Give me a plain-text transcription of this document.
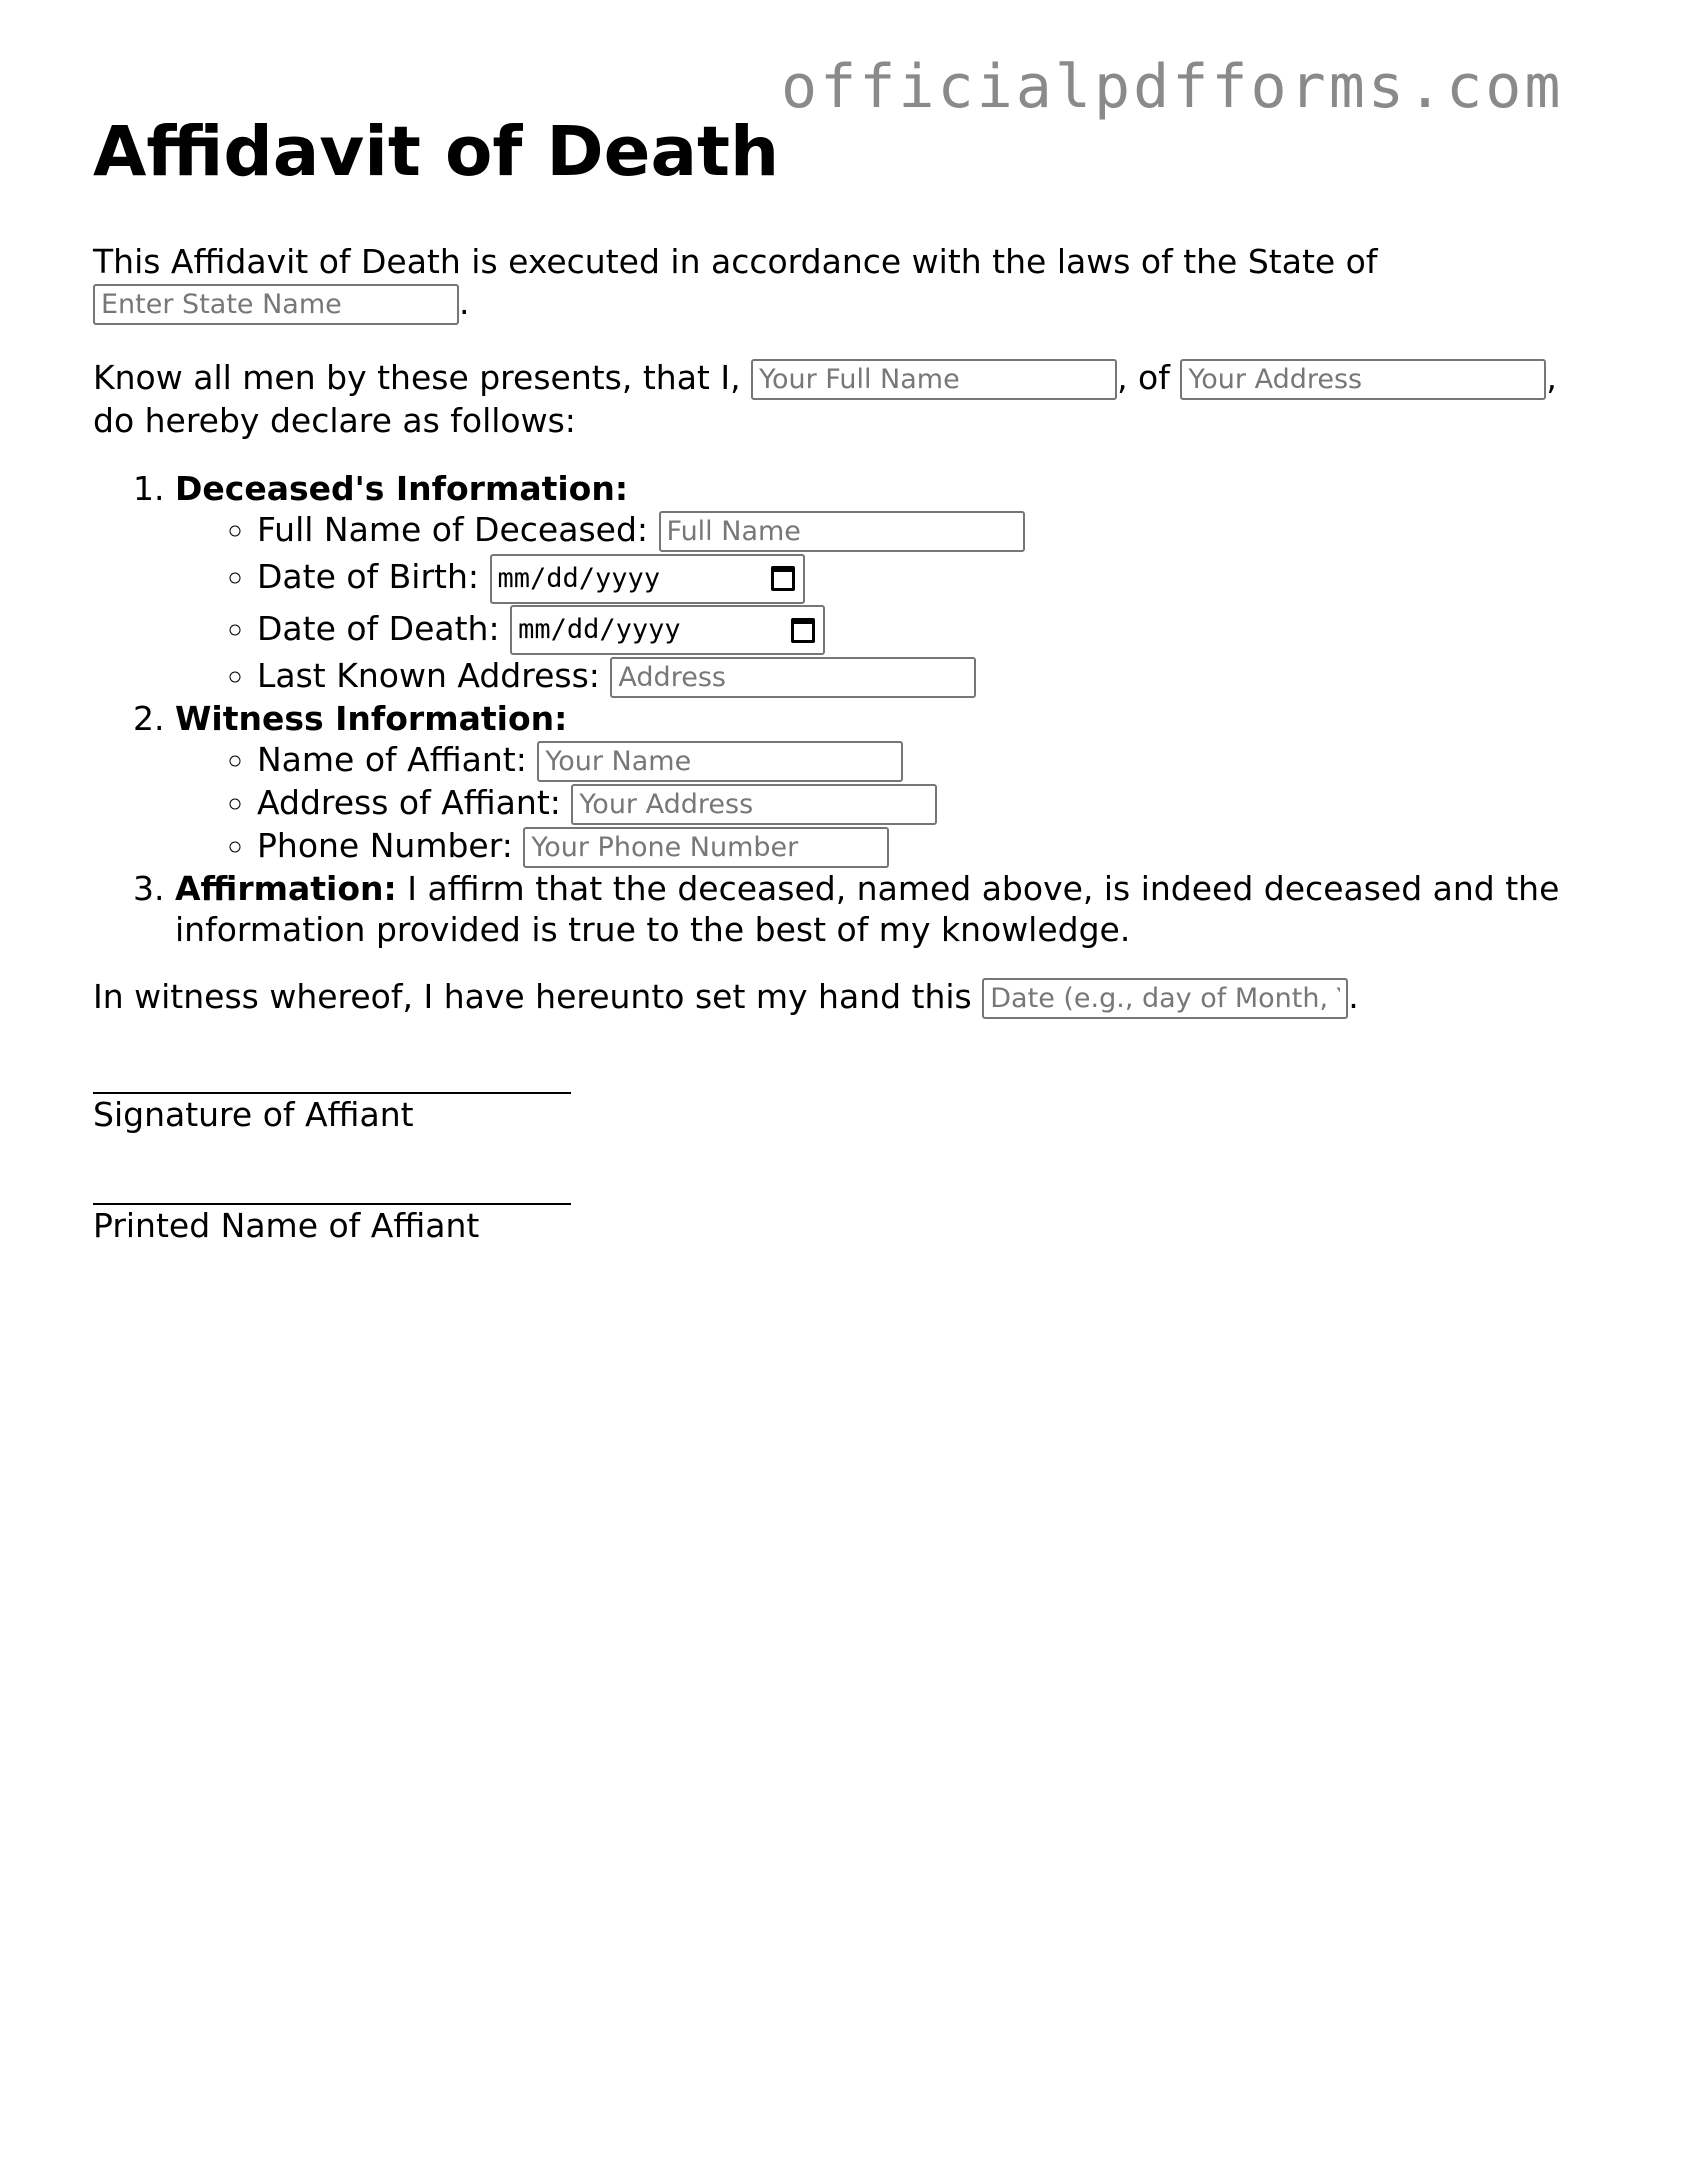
officialpdfforms.com
Affidavit of Death
This Affidavit of Death is executed in accordance with the laws of the State of
Enter State Name.
Know all men by these presents, that I, Your Full Name	, of Your Address	,
do hereby declare as follows:
1. Deceased's Information:
◦ Full Name of Deceased: Full Name
◦ Date of Birth: mm/dd/yyyy
◦ Date of Death: mm/dd/yyyy
◦ Last Known Address: Address
2. Witness Information:
◦ Name of Affiant: Your Name
◦ Address of Affiant: Your Address
◦ Phone Number: Your Phone Number
3. Affirmation: I affirm that the deceased, named above, is indeed deceased and the information provided is true to the best of my knowledge.
In witness whereof, I have hereunto set my hand this Date (e.g., day of Month, Year)	.
Signature of Affiant
Printed Name of Affiant
